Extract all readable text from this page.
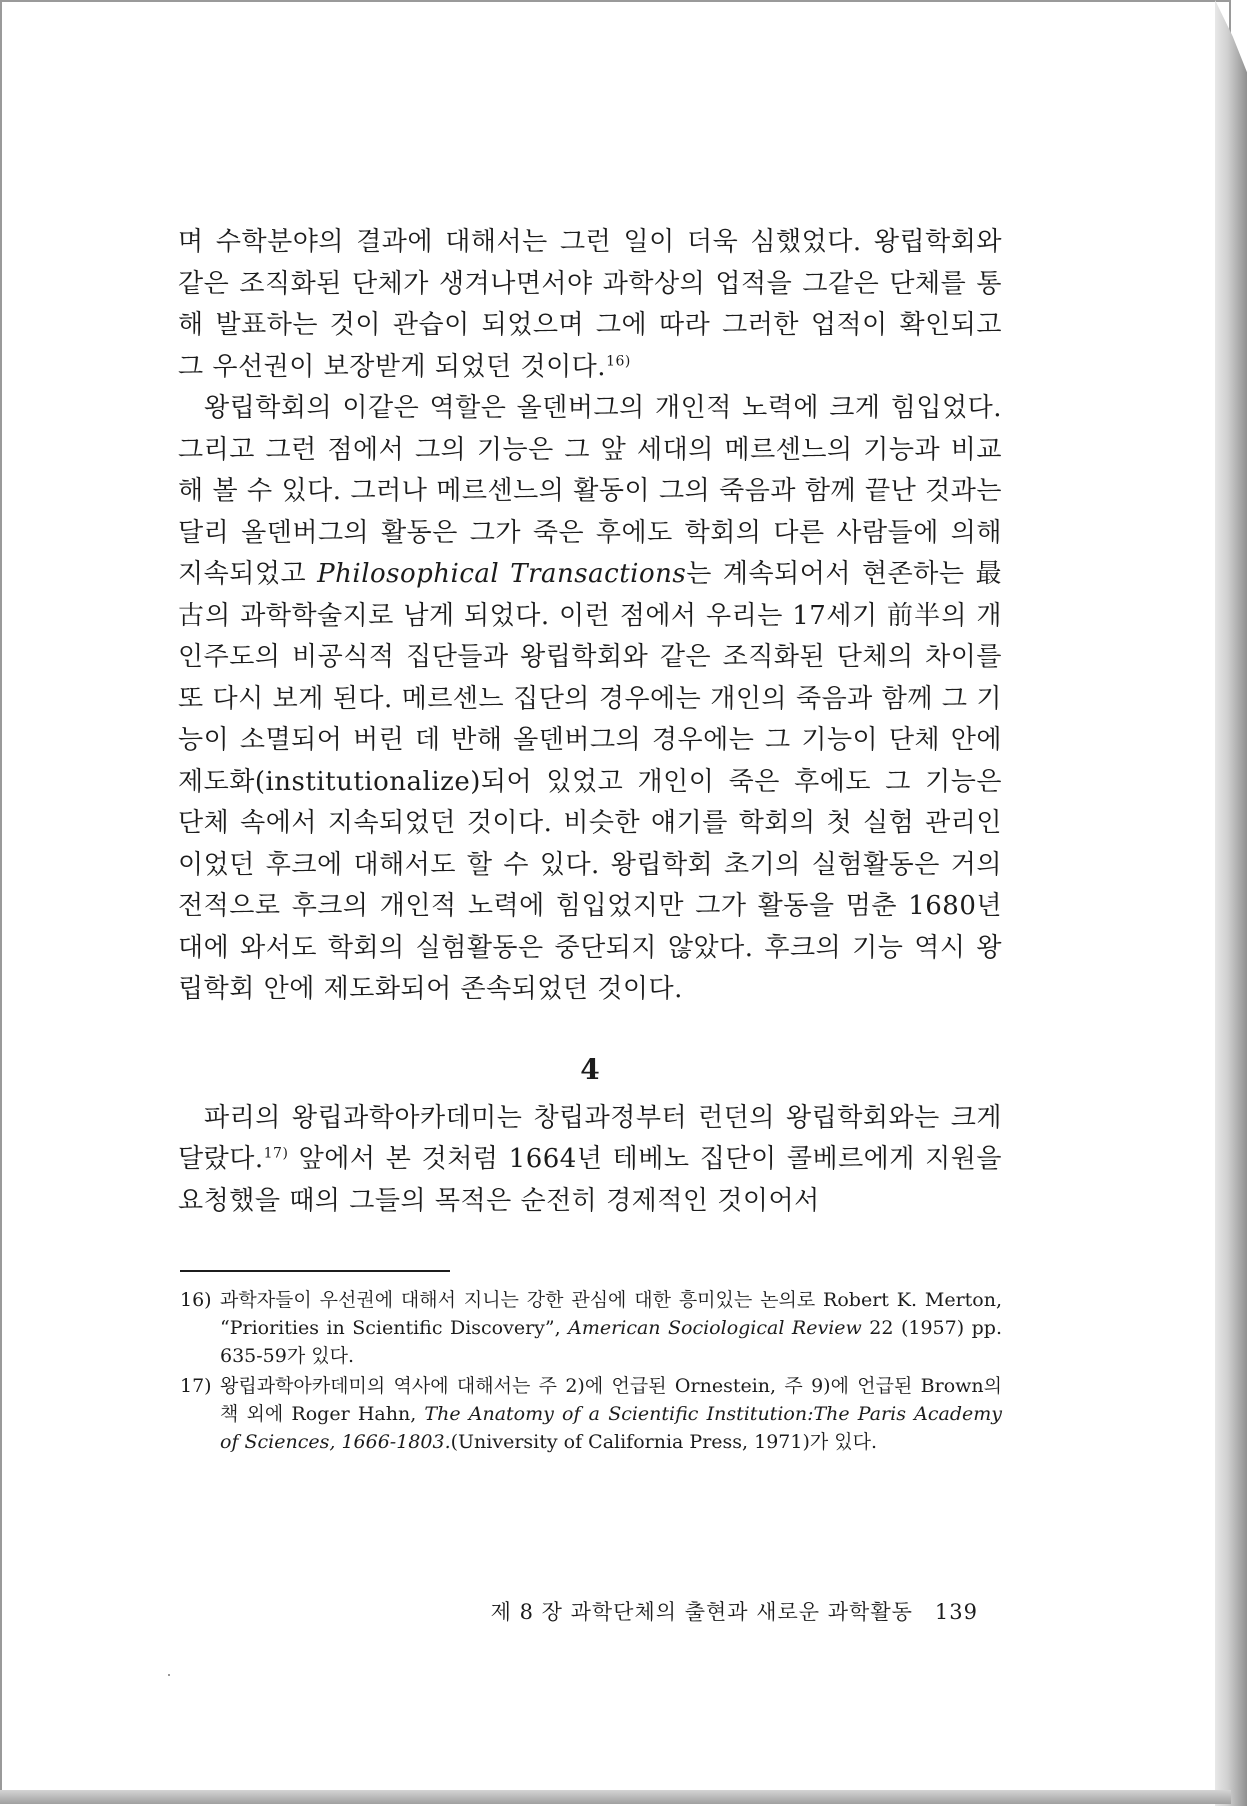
며 수학분야의 결과에 대해서는 그런 일이 더욱 심했었다. 왕립학회와 같은 조직화된 단체가 생겨나면서야 과학상의 업적을 그같은 단체를 통해 발표하는 것이 관습이 되었으며 그에 따라 그러한 업적이 확인되고 그 우선권이 보장받게 되었던 것이다.$^{16)}$

왕립학회의 이같은 역할은 올덴버그의 개인적 노력에 크게 힘입었다. 그리고 그런 점에서 그의 기능은 그 앞 세대의 메르센느의 기능과 비교해 볼 수 있다. 그러나 메르센느의 활동이 그의 죽음과 함께 끝난 것과는 달리 올덴버그의 활동은 그가 죽은 후에도 학회의 다른 사람들에 의해 지속되었고 Philosophical Transactions는 계속되어서 현존하는 最古의 과학학술지로 남게 되었다. 이런 점에서 우리는 17세기 前半의 개인주도의 비공식적 집단들과 왕립학회와 같은 조직화된 단체의 차이를 또 다시 보게 된다. 메르센느 집단의 경우에는 개인의 죽음과 함께 그 기능이 소멸되어 버린 데 반해 올덴버그의 경우에는 그 기능이 단체 안에 제도화(institutionalize)되어 있었고 개인이 죽은 후에도 그 기능은 단체 속에서 지속되었던 것이다. 비슷한 얘기를 학회의 첫 실험 관리인이었던 후크에 대해서도 할 수 있다. 왕립학회 초기의 실험활동은 거의 전적으로 후크의 개인적 노력에 힘입었지만 그가 활동을 멈춘 1680년대에 와서도 학회의 실험활동은 중단되지 않았다. 후크의 기능 역시 왕립학회 안에 제도화되어 존속되었던 것이다.

4

파리의 왕립과학아카데미는 창립과정부터 런던의 왕립학회와는 크게 달랐다.$^{17)}$ 앞에서 본 것처럼 1664년 테베노 집단이 콜베르에게 지원을 요청했을 때의 그들의 목적은 순전히 경제적인 것이어서

16) 과학자들이 우선권에 대해서 지니는 강한 관심에 대한 흥미있는 논의로 Robert K. Merton, “Priorities in Scientific Discovery”, American Sociological Review 22 (1957) pp. 635-59가 있다.
17) 왕립과학아카데미의 역사에 대해서는 주 2)에 언급된 Ornestein, 주 9)에 언급된 Brown의 책 외에 Roger Hahn, The Anatomy of a Scientific Institution:The Paris Academy of Sciences, 1666-1803.(University of California Press, 1971)가 있다.
제 8 장 과학단체의 출현과 새로운 과학활동 139
